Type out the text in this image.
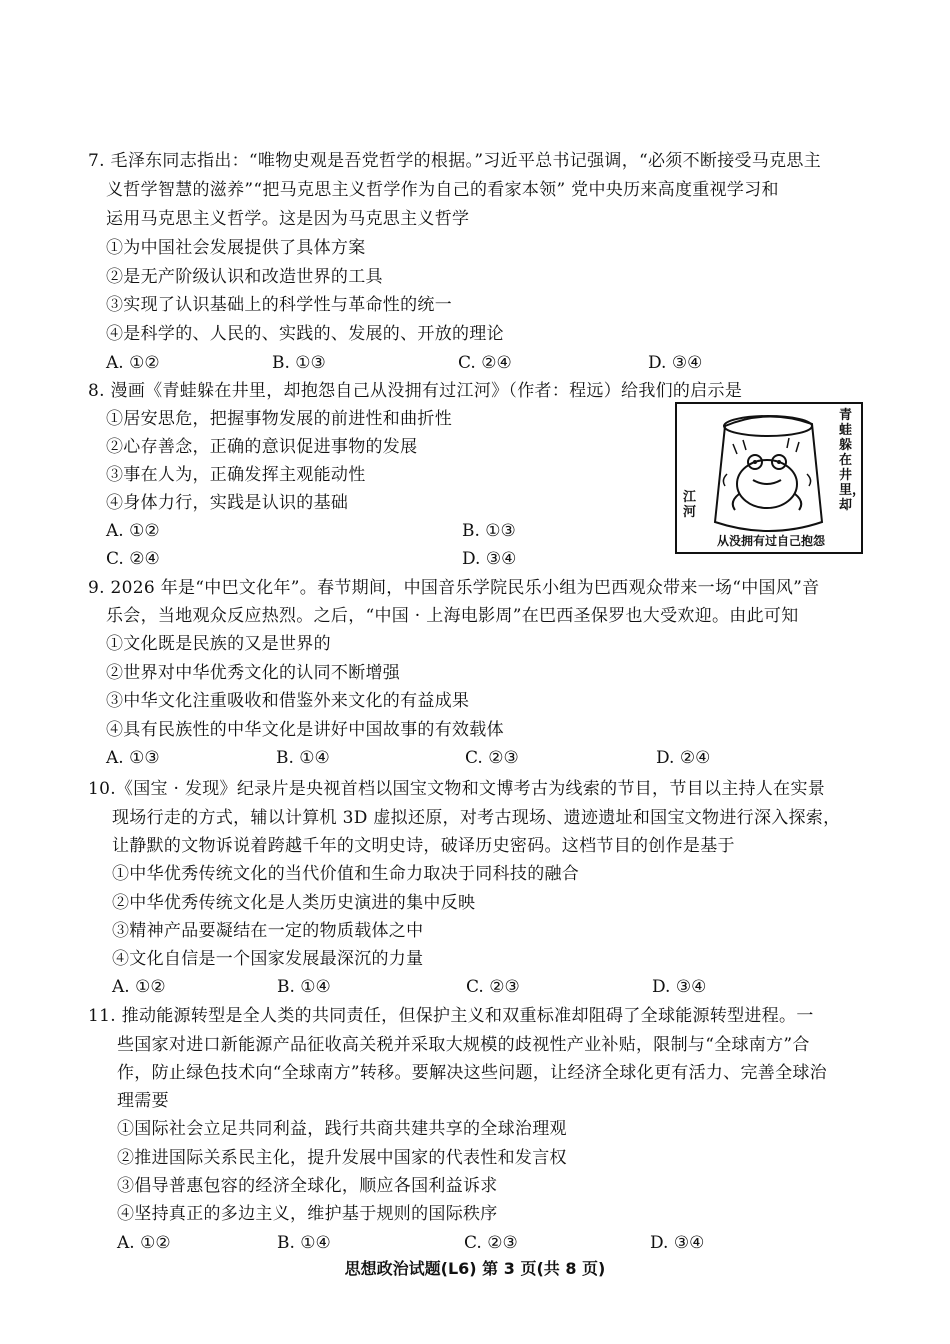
7. 毛泽东同志指出：“唯物史观是吾党哲学的根据。”习近平总书记强调，“必须不断接受马克思主
义哲学智慧的滋养”“把马克思主义哲学作为自己的看家本领” 党中央历来高度重视学习和
运用马克思主义哲学。这是因为马克思主义哲学
①为中国社会发展提供了具体方案
②是无产阶级认识和改造世界的工具
③实现了认识基础上的科学性与革命性的统一
④是科学的、人民的、实践的、发展的、开放的理论
A. ①②	B. ①③	C. ②④	D. ③④
8. 漫画《青蛙躲在井里，却抱怨自己从没拥有过江河》（作者：程远）给我们的启示是
①居安思危，把握事物发展的前进性和曲折性
②心存善念，正确的意识促进事物的发展
③事在人为，正确发挥主观能动性
④身体力行，实践是认识的基础
A. ①②	B. ①③
C. ②④	D. ③④
9. 2026 年是“中巴文化年”。春节期间，中国音乐学院民乐小组为巴西观众带来一场“中国风”音
乐会，当地观众反应热烈。之后，“中国 · 上海电影周”在巴西圣保罗也大受欢迎。由此可知
①文化既是民族的又是世界的
②世界对中华优秀文化的认同不断增强
③中华文化注重吸收和借鉴外来文化的有益成果
④具有民族性的中华文化是讲好中国故事的有效载体
A. ①③	B. ①④	C. ②③	D. ②④
10.《国宝 · 发现》纪录片是央视首档以国宝文物和文博考古为线索的节目，节目以主持人在实景
现场行走的方式，辅以计算机 3D 虚拟还原，对考古现场、遗迹遗址和国宝文物进行深入探索，
让静默的文物诉说着跨越千年的文明史诗，破译历史密码。这档节目的创作是基于
①中华优秀传统文化的当代价值和生命力取决于同科技的融合
②中华优秀传统文化是人类历史演进的集中反映
③精神产品要凝结在一定的物质载体之中
④文化自信是一个国家发展最深沉的力量
A. ①②	B. ①④	C. ②③	D. ③④
11. 推动能源转型是全人类的共同责任，但保护主义和双重标准却阻碍了全球能源转型进程。一
些国家对进口新能源产品征收高关税并采取大规模的歧视性产业补贴，限制与“全球南方”合
作，防止绿色技术向“全球南方”转移。要解决这些问题，让经济全球化更有活力、完善全球治
理需要
①国际社会立足共同利益，践行共商共建共享的全球治理观
②推进国际关系民主化，提升发展中国家的代表性和发言权
③倡导普惠包容的经济全球化，顺应各国利益诉求
④坚持真正的多边主义，维护基于规则的国际秩序
A. ①②	B. ①④	C. ②③	D. ③④
青蛙躲在井里，却
江河
从没拥有过自己抱怨
思想政治试题(L6) 第 3 页(共 8 页)
